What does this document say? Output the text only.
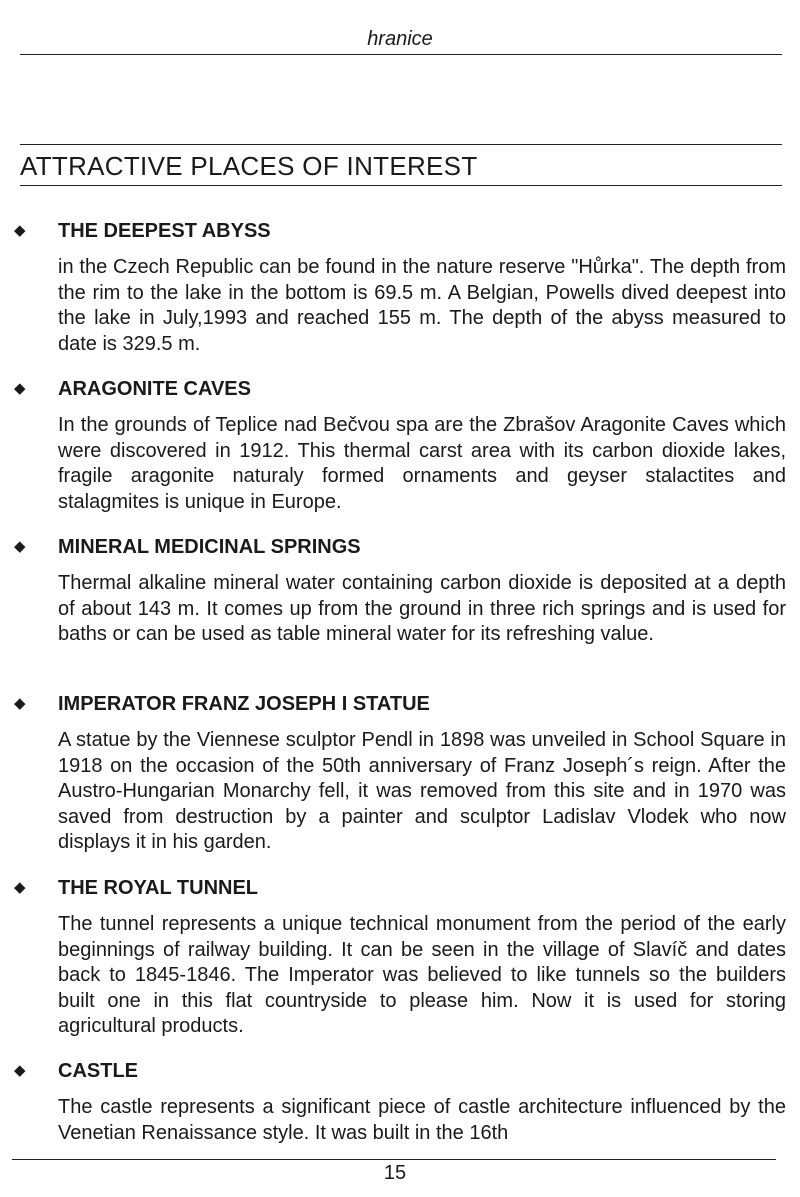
hranice
ATTRACTIVE PLACES OF INTEREST
◆ THE DEEPEST ABYSS
in the Czech Republic can be found in the nature reserve "Hůrka". The depth from the rim to the lake in the bottom is 69.5 m. A Belgian, Powells dived deepest into the lake in July,1993 and reached 155 m. The depth of the abyss measured to date is 329.5 m.
◆ ARAGONITE CAVES
In the grounds of Teplice nad Bečvou spa are the Zbrašov Aragonite Caves which were discovered in 1912. This thermal carst area with its carbon dioxide lakes, fragile aragonite naturaly formed ornaments and geyser stalactites and stalagmites is unique in Europe.
◆ MINERAL MEDICINAL SPRINGS
Thermal alkaline mineral water containing carbon dioxide is deposited at a depth of about 143 m. It comes up from the ground in three rich springs and is used for baths or can be used as table mineral water for its refreshing value.
◆ IMPERATOR FRANZ JOSEPH I STATUE
A statue by the Viennese sculptor Pendl in 1898 was unveiled in School Square in 1918 on the occasion of the 50th anniversary of Franz Joseph´s reign. After the Austro-Hungarian Monarchy fell, it was removed from this site and in 1970 was saved from destruction by a painter and sculptor Ladislav Vlodek who now displays it in his garden.
◆ THE ROYAL TUNNEL
The tunnel represents a unique technical monument from the period of the early beginnings of railway building. It can be seen in the village of Slavíč and dates back to 1845-1846. The Imperator was believed to like tunnels so the builders built one in this flat countryside to please him. Now it is used for storing agricultural products.
◆ CASTLE
The castle represents a significant piece of castle architecture influenced by the Venetian Renaissance style. It was built in the 16th
15
